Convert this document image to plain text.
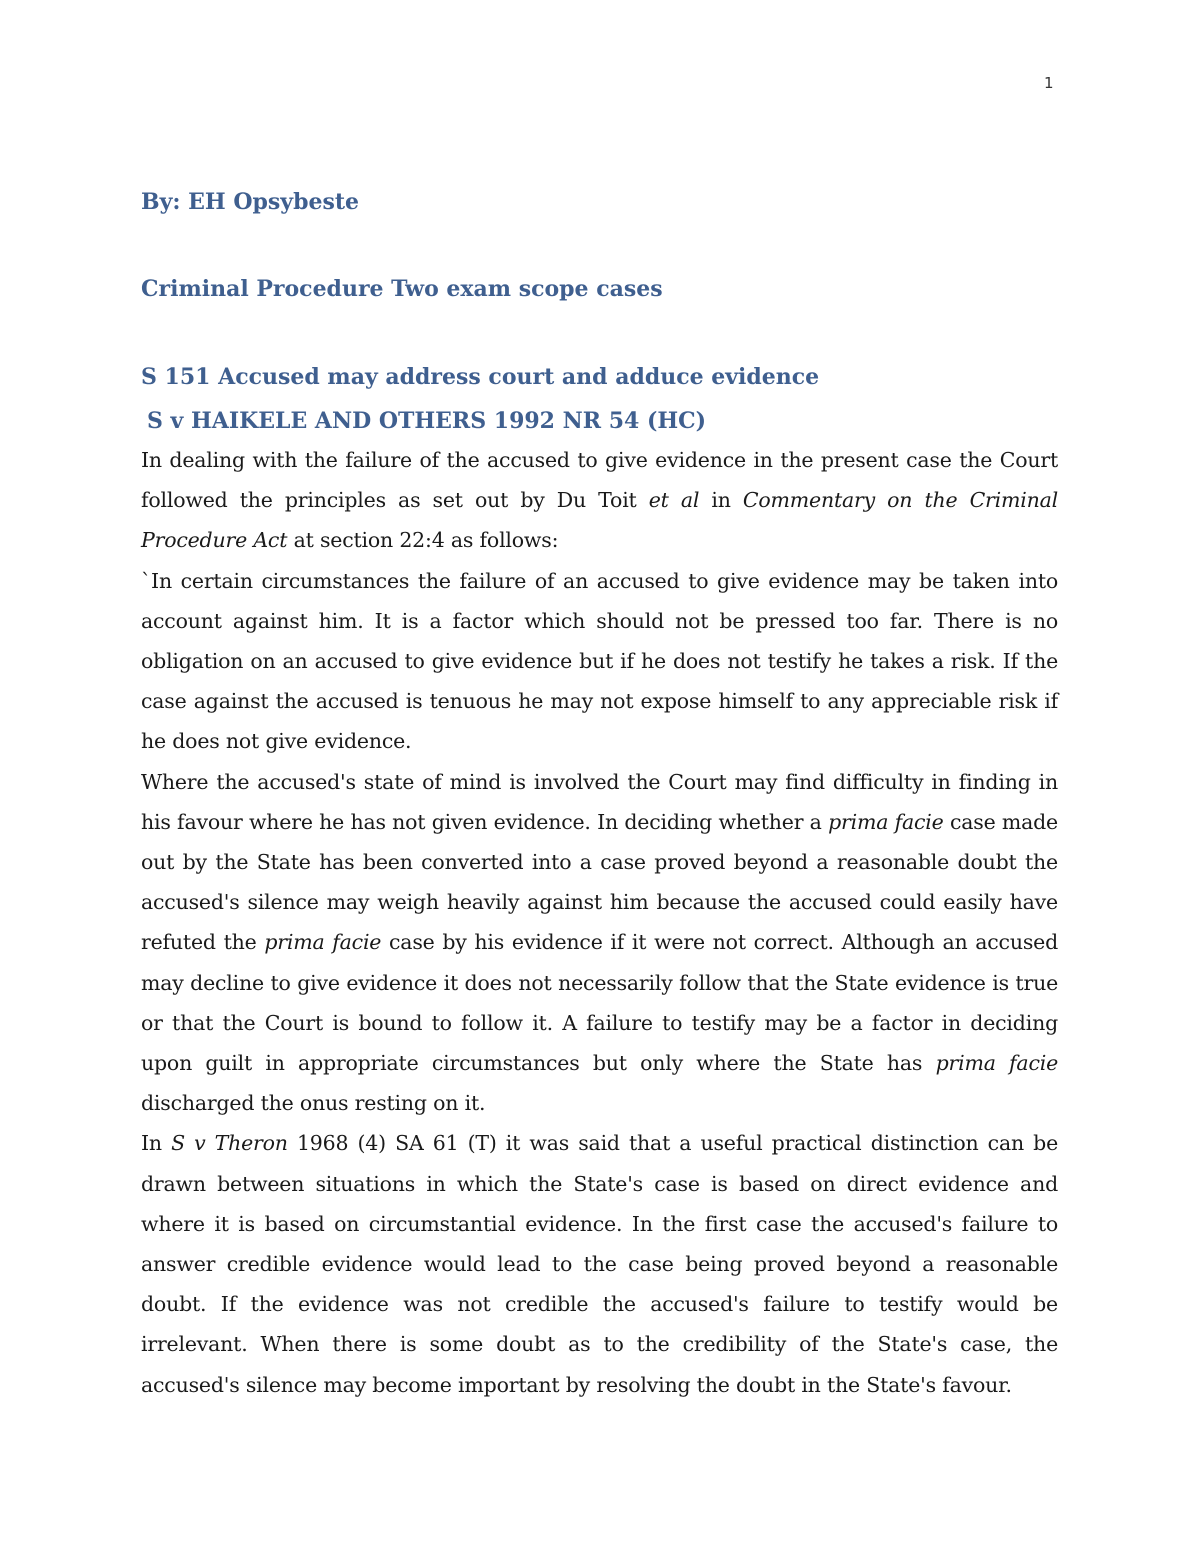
1
By: EH Opsybeste
Criminal Procedure Two exam scope cases
S 151 Accused may address court and adduce evidence
S v HAIKELE AND OTHERS 1992 NR 54 (HC)

In dealing with the failure of the accused to give evidence in the present case the Court followed the principles as set out by Du Toit et al in Commentary on the Criminal Procedure Act at section 22:4 as follows:

`In certain circumstances the failure of an accused to give evidence may be taken into account against him. It is a factor which should not be pressed too far. There is no obligation on an accused to give evidence but if he does not testify he takes a risk. If the case against the accused is tenuous he may not expose himself to any appreciable risk if he does not give evidence.

Where the accused's state of mind is involved the Court may find difficulty in finding in his favour where he has not given evidence. In deciding whether a prima facie case made out by the State has been converted into a case proved beyond a reasonable doubt the accused's silence may weigh heavily against him because the accused could easily have refuted the prima facie case by his evidence if it were not correct. Although an accused may decline to give evidence it does not necessarily follow that the State evidence is true or that the Court is bound to follow it. A failure to testify may be a factor in deciding upon guilt in appropriate circumstances but only where the State has prima facie discharged the onus resting on it.

In S v Theron 1968 (4) SA 61 (T) it was said that a useful practical distinction can be drawn between situations in which the State's case is based on direct evidence and where it is based on circumstantial evidence. In the first case the accused's failure to answer credible evidence would lead to the case being proved beyond a reasonable doubt. If the evidence was not credible the accused's failure to testify would be irrelevant. When there is some doubt as to the credibility of the State's case, the accused's silence may become important by resolving the doubt in the State's favour.
